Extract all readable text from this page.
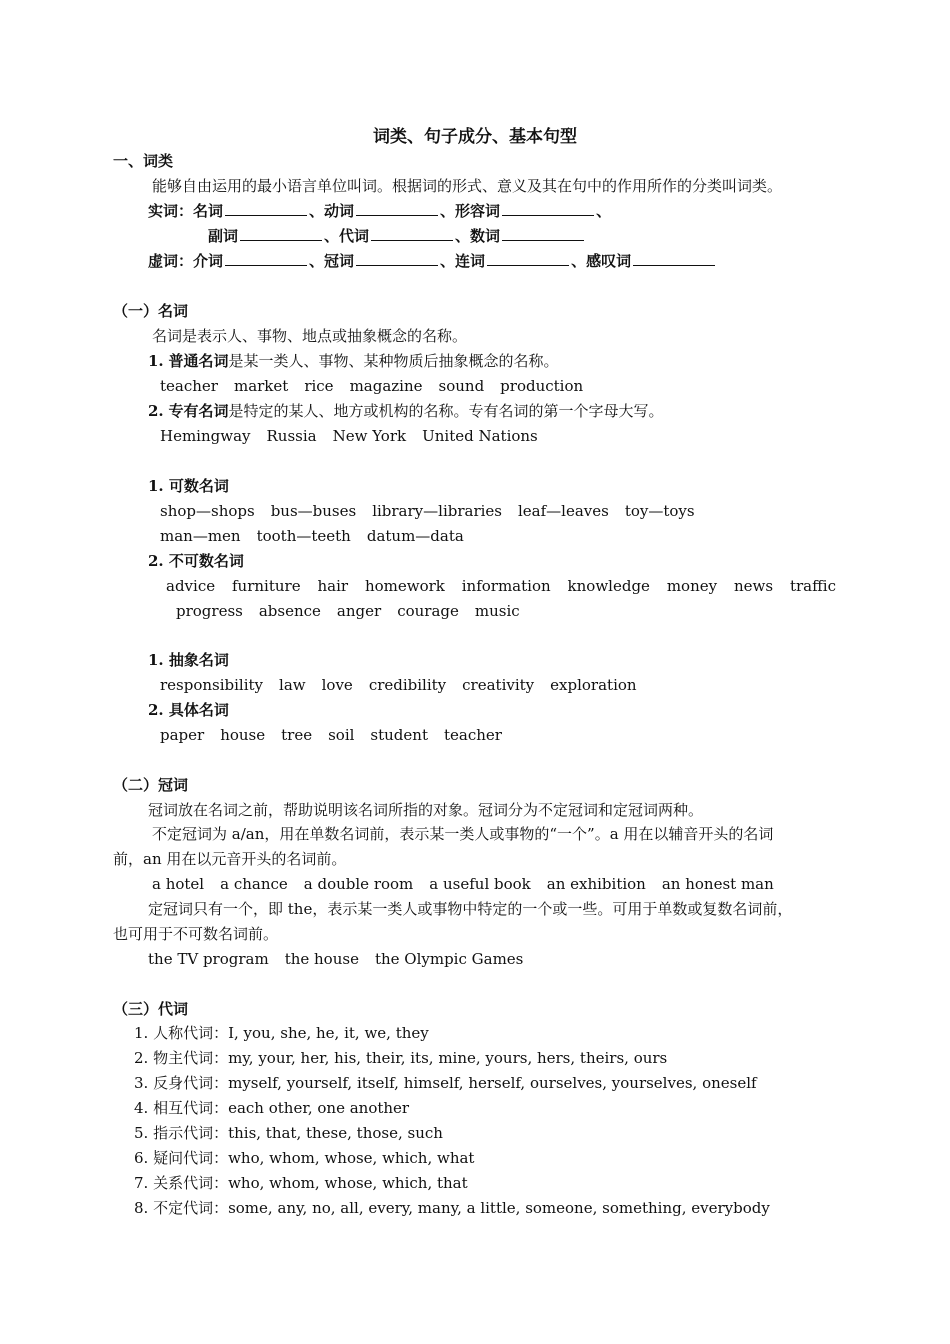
词类、句子成分、基本句型
一、词类
能够自由运用的最小语言单位叫词。根据词的形式、意义及其在句中的作用所作的分类叫词类。
实词：名词	、动词	、形容词	、
副词	、代词	、数词
虚词：介词	、冠词	、连词	、感叹词
（一）名词
名词是表示人、事物、地点或抽象概念的名称。
1. 普通名词是某一类人、事物、某种物质后抽象概念的名称。
teacher market rice magazine sound production
2. 专有名词是特定的某人、地方或机构的名称。专有名词的第一个字母大写。
Hemingway Russia New York United Nations
1. 可数名词
shop—shops bus—buses library—libraries leaf—leaves toy—toys
man—men tooth—teeth datum—data
2. 不可数名词
advice furniture hair homework information knowledge money news traffic
progress absence anger courage music
1. 抽象名词
responsibility law love credibility creativity exploration
2. 具体名词
paper house tree soil student teacher
（二）冠词
冠词放在名词之前，帮助说明该名词所指的对象。冠词分为不定冠词和定冠词两种。
不定冠词为 a/an，用在单数名词前，表示某一类人或事物的“一个”。a 用在以辅音开头的名词
前，an 用在以元音开头的名词前。
a hotel a chance a double room a useful book an exhibition an honest man
定冠词只有一个，即 the，表示某一类人或事物中特定的一个或一些。可用于单数或复数名词前，
也可用于不可数名词前。
the TV program the house the Olympic Games
（三）代词
1. 人称代词：I, you, she, he, it, we, they
2. 物主代词：my, your, her, his, their, its, mine, yours, hers, theirs, ours
3. 反身代词：myself, yourself, itself, himself, herself, ourselves, yourselves, oneself
4. 相互代词：each other, one another
5. 指示代词：this, that, these, those, such
6. 疑问代词：who, whom, whose, which, what
7. 关系代词：who, whom, whose, which, that
8. 不定代词：some, any, no, all, every, many, a little, someone, something, everybody
